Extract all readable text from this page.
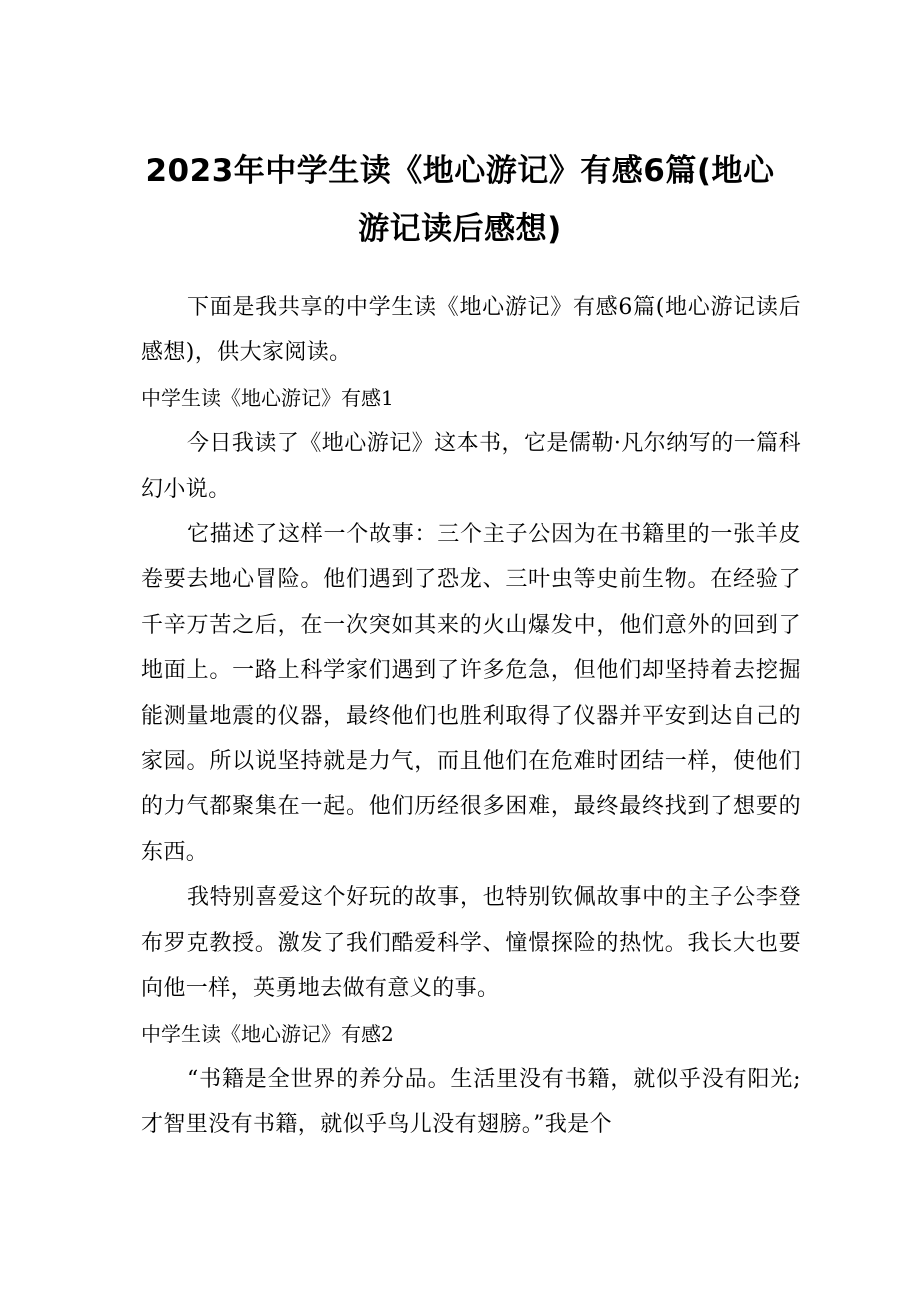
2023年中学生读《地心游记》有感6篇(地心游记读后感想)

下面是我共享的中学生读《地心游记》有感6篇(地心游记读后感想)，供大家阅读。

中学生读《地心游记》有感1

今日我读了《地心游记》这本书，它是儒勒·凡尔纳写的一篇科幻小说。

它描述了这样一个故事：三个主子公因为在书籍里的一张羊皮卷要去地心冒险。他们遇到了恐龙、三叶虫等史前生物。在经验了千辛万苦之后，在一次突如其来的火山爆发中，他们意外的回到了地面上。一路上科学家们遇到了许多危急，但他们却坚持着去挖掘能测量地震的仪器，最终他们也胜利取得了仪器并平安到达自己的家园。所以说坚持就是力气，而且他们在危难时团结一样，使他们的力气都聚集在一起。他们历经很多困难，最终最终找到了想要的东西。

我特别喜爱这个好玩的故事，也特别钦佩故事中的主子公李登布罗克教授。激发了我们酷爱科学、憧憬探险的热忱。我长大也要向他一样，英勇地去做有意义的事。

中学生读《地心游记》有感2

“书籍是全世界的养分品。生活里没有书籍，就似乎没有阳光;才智里没有书籍，就似乎鸟儿没有翅膀。”我是个
